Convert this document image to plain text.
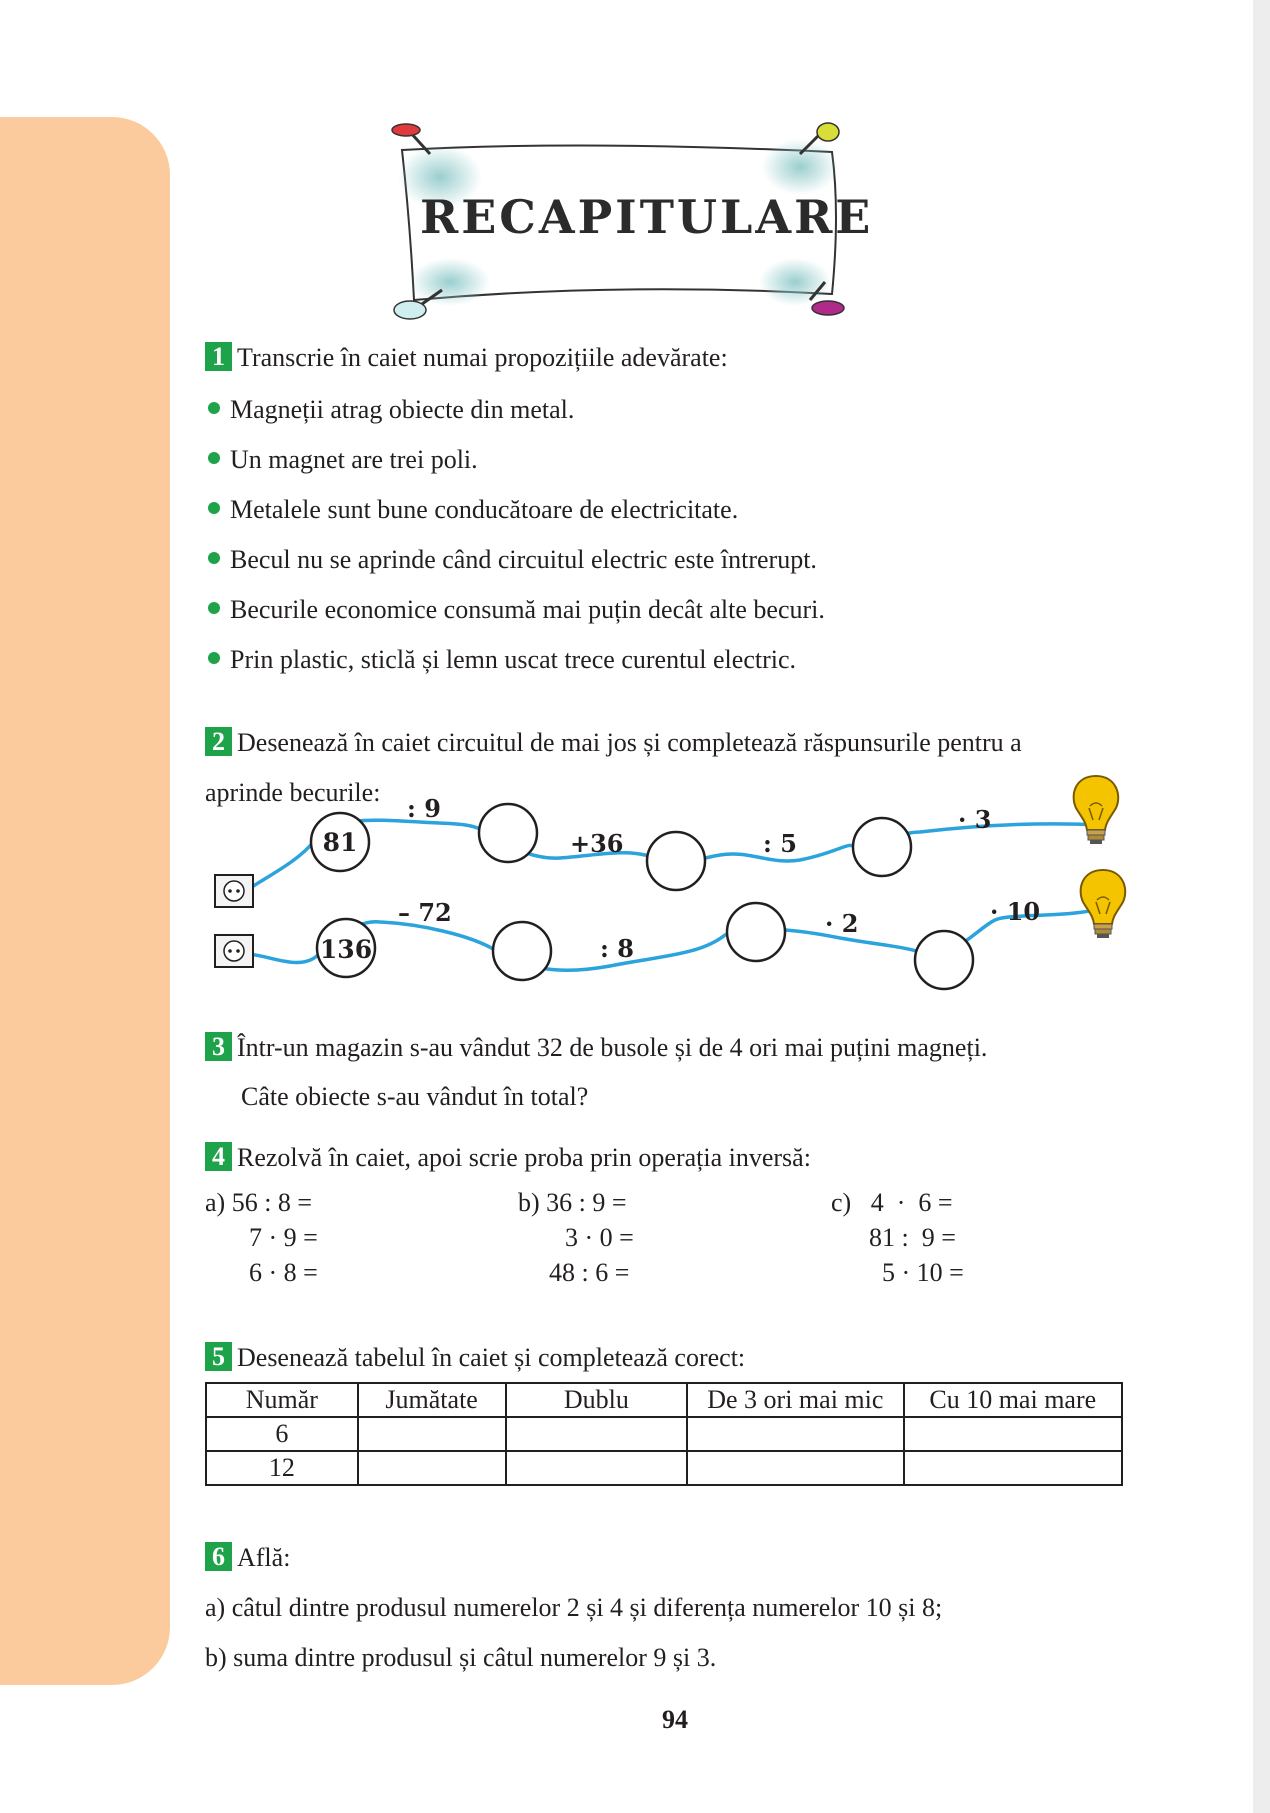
RECAPITULARE
1 Transcrie în caiet numai propozițiile adevărate:
Magneții atrag obiecte din metal.
Un magnet are trei poli.
Metalele sunt bune conducătoare de electricitate.
Becul nu se aprinde când circuitul electric este întrerupt.
Becurile economice consumă mai puțin decât alte becuri.
Prin plastic, sticlă și lemn uscat trece curentul electric.
2 Desenează în caiet circuitul de mai jos și completează răspunsurile pentru a
aprinde becurile:
81
136
: 9
+36	: 5
· 3
– 72
: 8
· 2	· 10
3 Într-un magazin s-au vândut 32 de busole și de 4 ori mai puțini magneți.
Câte obiecte s-au vândut în total?
4 Rezolvă în caiet, apoi scrie proba prin operația inversă:
a) 56 : 8 =
7 · 9 =
6 · 8 =
b) 36 : 9 =
3 · 0 =
48 : 6 =
c)   4  ·  6 =
81 :  9 =
5 · 10 =
5 Desenează tabelul în caiet și completează corect:
Număr	Jumătate	Dublu	De 3 ori mai mic	Cu 10 mai mare
6				
12				
6 Află:
a) câtul dintre produsul numerelor 2 și 4 și diferența numerelor 10 și 8;
b) suma dintre produsul și câtul numerelor 9 și 3.
94
